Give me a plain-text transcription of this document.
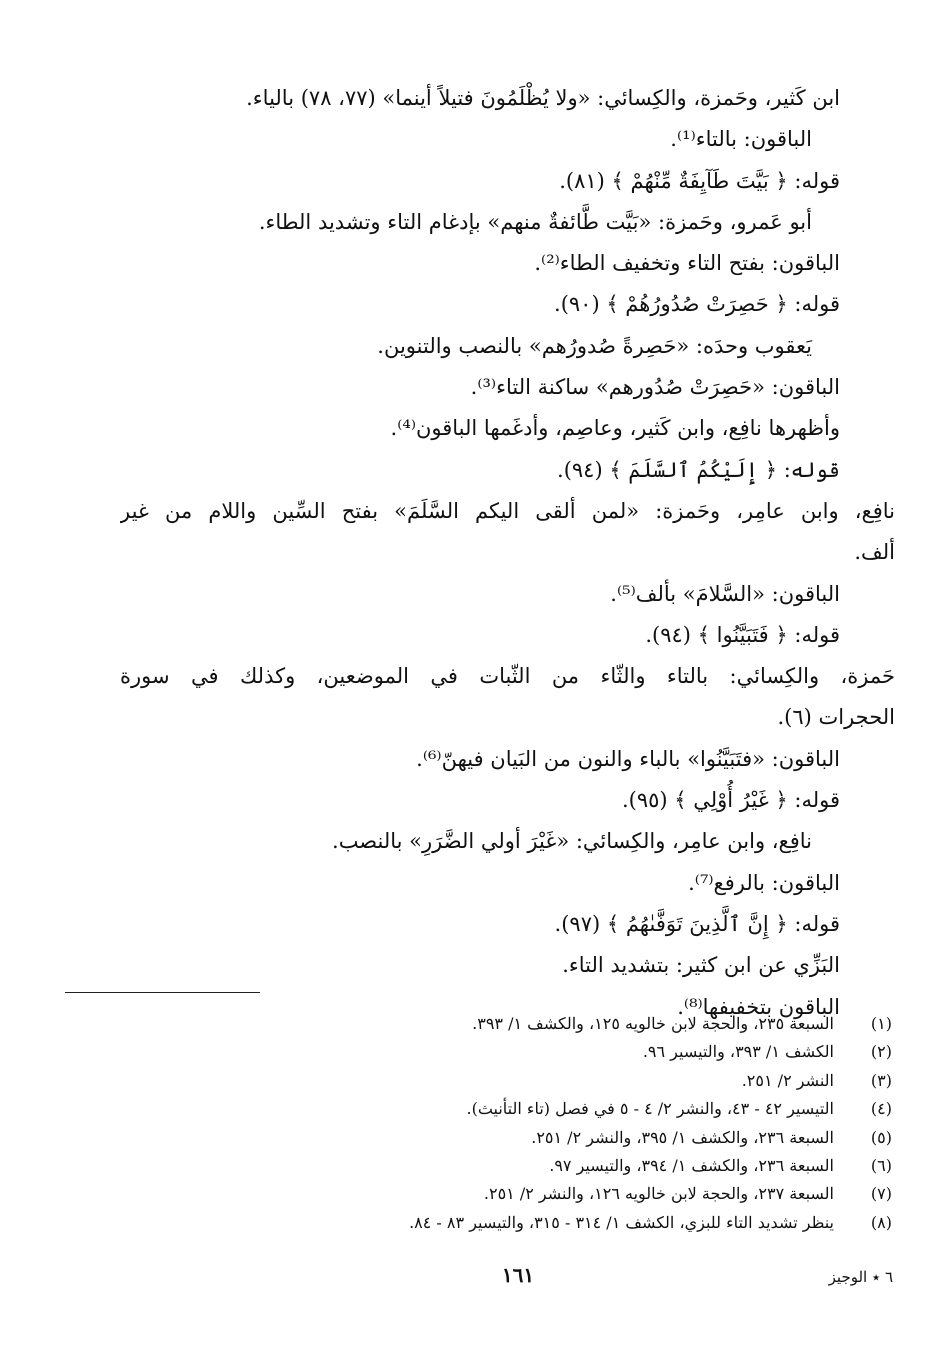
ابن كَثير، وحَمزة، والكِسائي: «ولا يُظْلَمُونَ فتيلاً أينما» (٧٧، ٧٨) بالياء.

الباقون: بالتاء⁽¹⁾.

قوله: ﴿ بَيَّتَ طَآيِفَةٌ مِّنْهُمْ ﴾ (٨١).

أبو عَمرو، وحَمزة: «بَيَّت طَّائفةٌ منهم» بإدغام التاء وتشديد الطاء.

الباقون: بفتح التاء وتخفيف الطاء⁽²⁾.

قوله: ﴿ حَصِرَتْ صُدُورُهُمْ ﴾ (٩٠).

يَعقوب وحدَه: «حَصِرةً صُدورُهم» بالنصب والتنوين.

الباقون: «حَصِرَتْ صُدُورهم» ساكنة التاء⁽³⁾.

وأظهرها نافِع، وابن كَثير، وعاصِم، وأدغَمها الباقون⁽⁴⁾.

قوله: ﴿ إِلَيْكُمُ ٱلسَّلَمَ ﴾ (٩٤).

نافِع، وابن عامِر، وحَمزة: «لمن ألقى اليكم السَّلَمَ» بفتح السِّين واللام من غير

ألف.

الباقون: «السَّلامَ» بألف⁽⁵⁾.

قوله: ﴿ فَتَبَيَّنُوا ﴾ (٩٤).

حَمزة، والكِسائي: بالتاء والثّاء من الثّبات في الموضعين، وكذلك في سورة

الحجرات (٦).

الباقون: «فتَبَيَّنُوا» بالباء والنون من البَيان فيهنّ⁽⁶⁾.

قوله: ﴿ غَيْرُ أُوْلِي ﴾ (٩٥).

نافِع، وابن عامِر، والكِسائي: «غَيْرَ أولي الضَّرَرِ» بالنصب.

الباقون: بالرفع⁽⁷⁾.

قوله: ﴿ إِنَّ ٱلَّذِينَ تَوَفَّىٰهُمُ ﴾ (٩٧).

البَزِّي عن ابن كثير: بتشديد التاء.

الباقون بتخفيفها⁽⁸⁾.

(١)
السبعة ٢٣٥، والحجة لابن خالويه ١٢٥، والكشف ١/ ٣٩٣.
(٢)
الكشف ١/ ٣٩٣، والتيسير ٩٦.
(٣)
النشر ٢/ ٢٥١.
(٤)
التيسير ٤٢ - ٤٣، والنشر ٢/ ٤ - ٥ في فصل (تاء التأنيث).
(٥)
السبعة ٢٣٦، والكشف ١/ ٣٩٥، والنشر ٢/ ٢٥١.
(٦)
السبعة ٢٣٦، والكشف ١/ ٣٩٤، والتيسير ٩٧.
(٧)
السبعة ٢٣٧، والحجة لابن خالويه ١٢٦، والنشر ٢/ ٢٥١.
(٨)
ينظر تشديد التاء للبزي، الكشف ١/ ٣١٤ - ٣١٥، والتيسير ٨٣ - ٨٤.
١٦١	٦ ٭ الوجيز
